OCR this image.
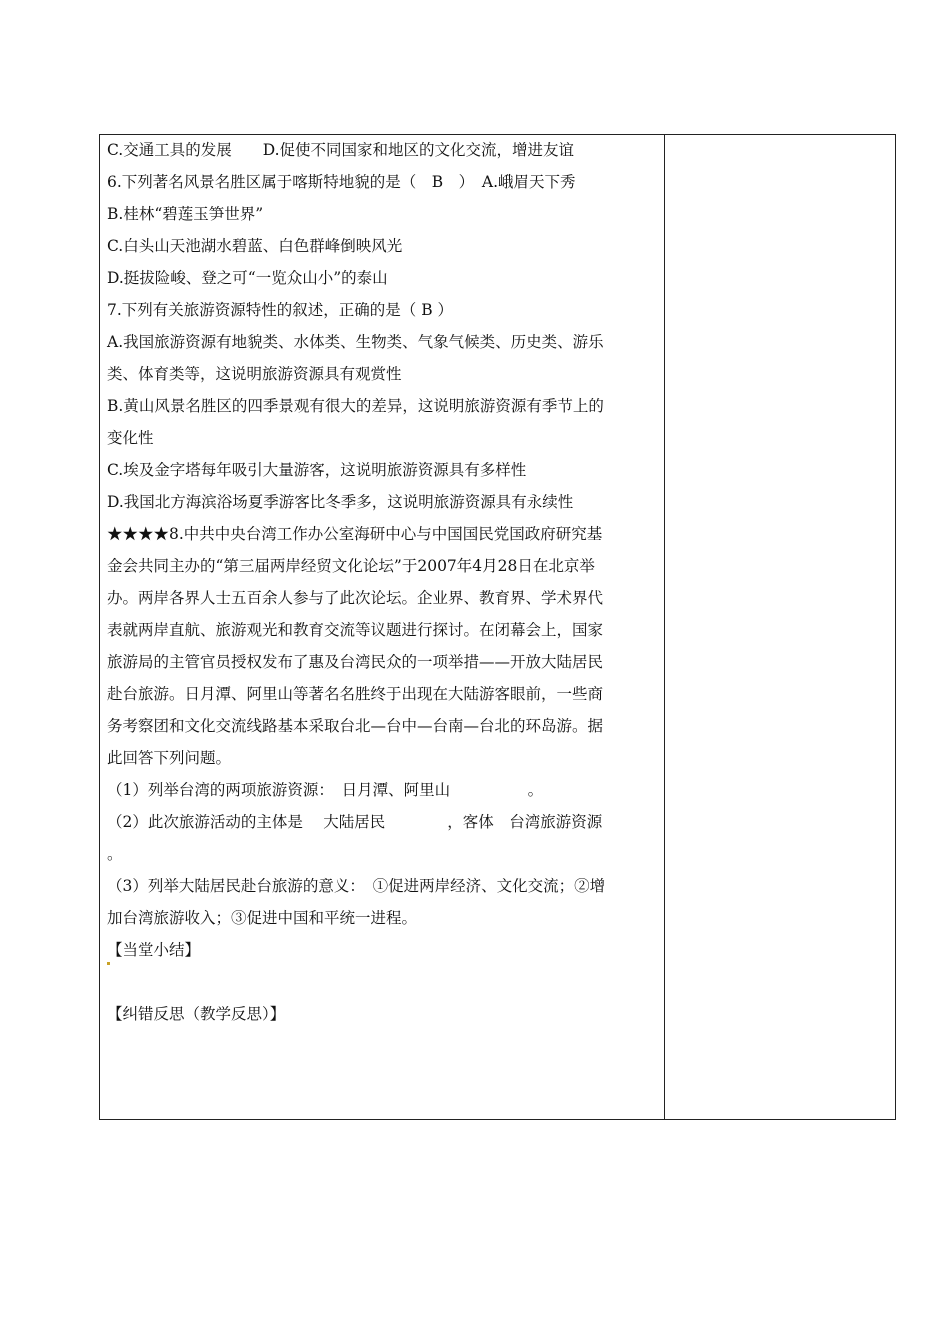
C.交通工具的发展　　D.促使不同国家和地区的文化交流，增进友谊
6.下列著名风景名胜区属于喀斯特地貌的是（　B　）　A.峨眉天下秀
B.桂林“碧莲玉笋世界”
C.白头山天池湖水碧蓝、白色群峰倒映风光
D.挺拔险峻、登之可“一览众山小”的泰山
7.下列有关旅游资源特性的叙述，正确的是（ B ）
A.我国旅游资源有地貌类、水体类、生物类、气象气候类、历史类、游乐
类、体育类等，这说明旅游资源具有观赏性
B.黄山风景名胜区的四季景观有很大的差异，这说明旅游资源有季节上的
变化性
C.埃及金字塔每年吸引大量游客，这说明旅游资源具有多样性
D.我国北方海滨浴场夏季游客比冬季多，这说明旅游资源具有永续性
★★★★8.中共中央台湾工作办公室海研中心与中国国民党国政府研究基
金会共同主办的“第三届两岸经贸文化论坛”于2007年4月28日在北京举
办。两岸各界人士五百余人参与了此次论坛。企业界、教育界、学术界代
表就两岸直航、旅游观光和教育交流等议题进行探讨。在闭幕会上，国家
旅游局的主管官员授权发布了惠及台湾民众的一项举措——开放大陆居民
赴台旅游。日月潭、阿里山等著名名胜终于出现在大陆游客眼前，一些商
务考察团和文化交流线路基本采取台北—台中—台南—台北的环岛游。据
此回答下列问题。
（1）列举台湾的两项旅游资源：　日月潭、阿里山　　　　　。
（2）此次旅游活动的主体是　 大陆居民　　　　，客体　台湾旅游资源
。
（3）列举大陆居民赴台旅游的意义：　①促进两岸经济、文化交流；②增
加台湾旅游收入；③促进中国和平统一进程。
【当堂小结】
【纠错反思（教学反思）】
